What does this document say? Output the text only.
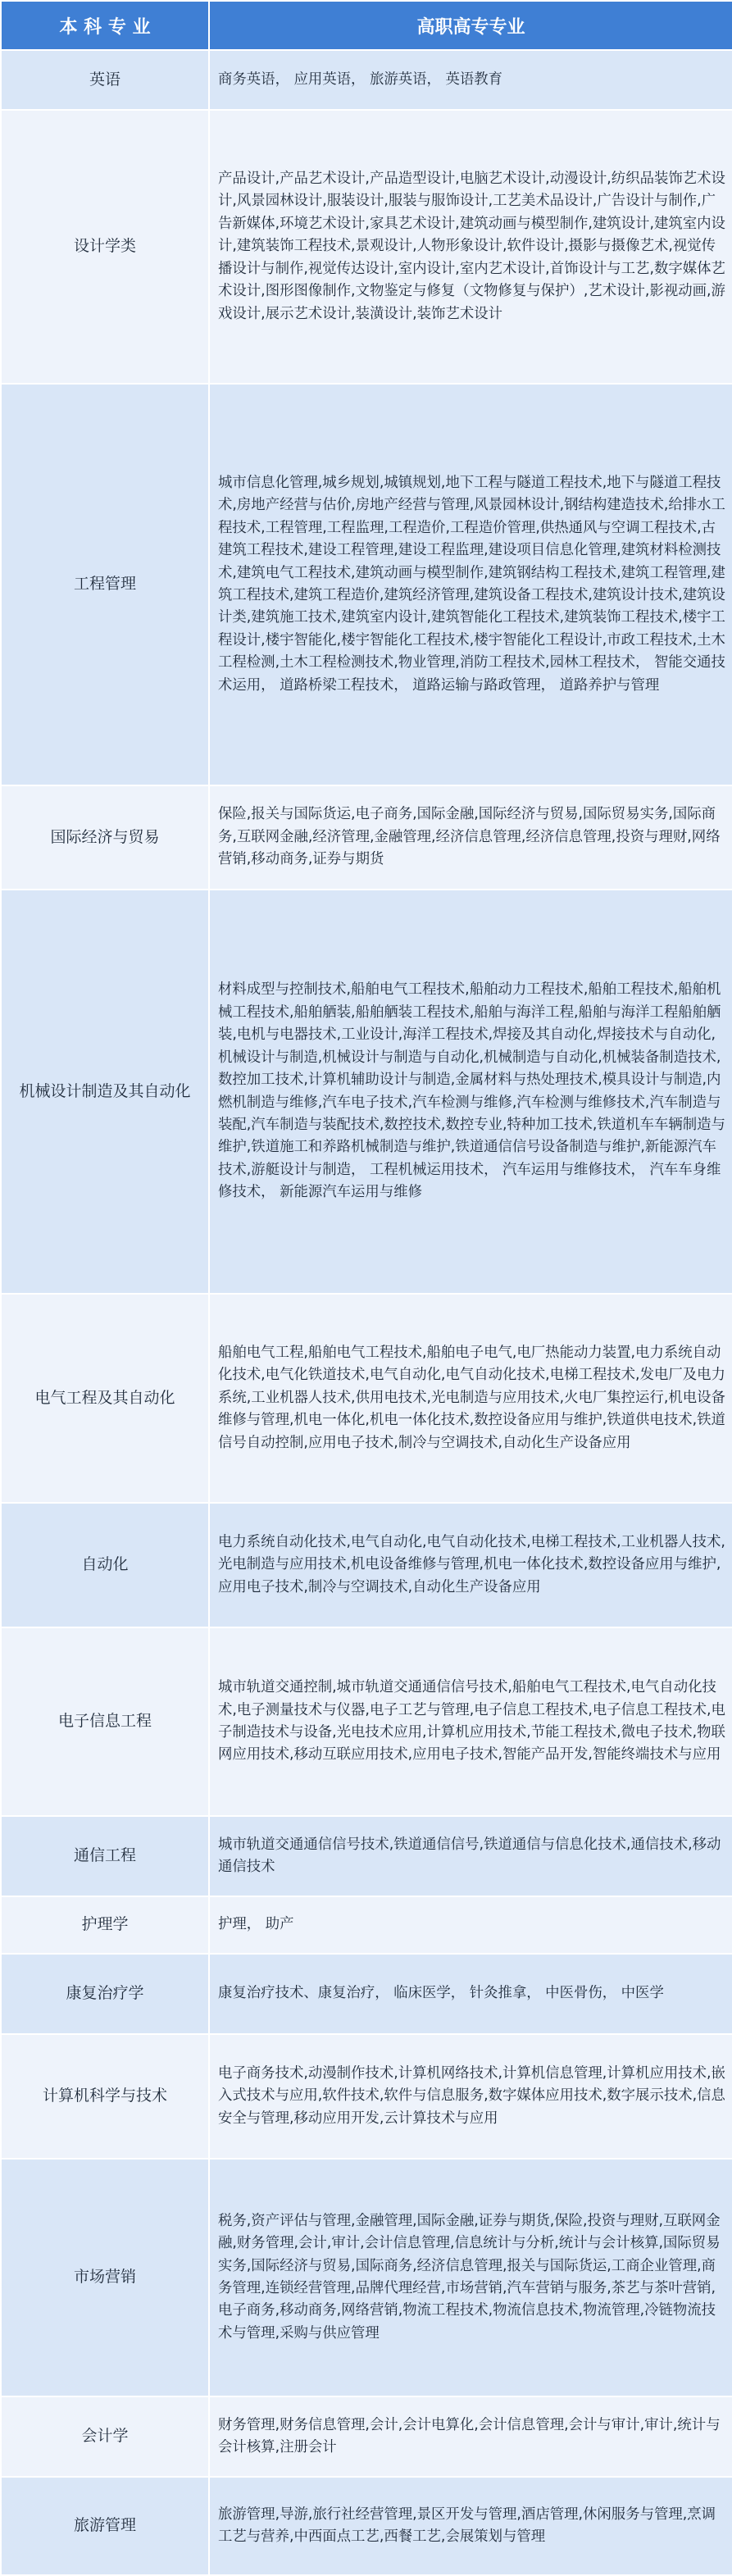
本 科 专 业	高职高专专业
英语	商务英语， 应用英语， 旅游英语， 英语教育
设计学类	产品设计,产品艺术设计,产品造型设计,电脑艺术设计,动漫设计,纺织品装饰艺术设计,风景园林设计,服装设计,服装与服饰设计,工艺美术品设计,广告设计与制作,广告新媒体,环境艺术设计,家具艺术设计,建筑动画与模型制作,建筑设计,建筑室内设计,建筑装饰工程技术,景观设计,人物形象设计,软件设计,摄影与摄像艺术,视觉传播设计与制作,视觉传达设计,室内设计,室内艺术设计,首饰设计与工艺,数字媒体艺术设计,图形图像制作,文物鉴定与修复（文物修复与保护）,艺术设计,影视动画,游戏设计,展示艺术设计,装潢设计,装饰艺术设计
工程管理	城市信息化管理,城乡规划,城镇规划,地下工程与隧道工程技术,地下与隧道工程技术,房地产经营与估价,房地产经营与管理,风景园林设计,钢结构建造技术,给排水工程技术,工程管理,工程监理,工程造价,工程造价管理,供热通风与空调工程技术,古建筑工程技术,建设工程管理,建设工程监理,建设项目信息化管理,建筑材料检测技术,建筑电气工程技术,建筑动画与模型制作,建筑钢结构工程技术,建筑工程管理,建筑工程技术,建筑工程造价,建筑经济管理,建筑设备工程技术,建筑设计技术,建筑设计类,建筑施工技术,建筑室内设计,建筑智能化工程技术,建筑装饰工程技术,楼宇工程设计,楼宇智能化,楼宇智能化工程技术,楼宇智能化工程设计,市政工程技术,土木工程检测,土木工程检测技术,物业管理,消防工程技术,园林工程技术， 智能交通技术运用， 道路桥梁工程技术， 道路运输与路政管理， 道路养护与管理
国际经济与贸易	保险,报关与国际货运,电子商务,国际金融,国际经济与贸易,国际贸易实务,国际商务,互联网金融,经济管理,金融管理,经济信息管理,经济信息管理,投资与理财,网络营销,移动商务,证券与期货
机械设计制造及其自动化	材料成型与控制技术,船舶电气工程技术,船舶动力工程技术,船舶工程技术,船舶机械工程技术,船舶舾装,船舶舾装工程技术,船舶与海洋工程,船舶与海洋工程船舶舾装,电机与电器技术,工业设计,海洋工程技术,焊接及其自动化,焊接技术与自动化,机械设计与制造,机械设计与制造与自动化,机械制造与自动化,机械装备制造技术,数控加工技术,计算机辅助设计与制造,金属材料与热处理技术,模具设计与制造,内燃机制造与维修,汽车电子技术,汽车检测与维修,汽车检测与维修技术,汽车制造与装配,汽车制造与装配技术,数控技术,数控专业,特种加工技术,铁道机车车辆制造与维护,铁道施工和养路机械制造与维护,铁道通信信号设备制造与维护,新能源汽车技术,游艇设计与制造， 工程机械运用技术， 汽车运用与维修技术， 汽车车身维修技术， 新能源汽车运用与维修
电气工程及其自动化	船舶电气工程,船舶电气工程技术,船舶电子电气,电厂热能动力装置,电力系统自动化技术,电气化铁道技术,电气自动化,电气自动化技术,电梯工程技术,发电厂及电力系统,工业机器人技术,供用电技术,光电制造与应用技术,火电厂集控运行,机电设备维修与管理,机电一体化,机电一体化技术,数控设备应用与维护,铁道供电技术,铁道信号自动控制,应用电子技术,制冷与空调技术,自动化生产设备应用
自动化	电力系统自动化技术,电气自动化,电气自动化技术,电梯工程技术,工业机器人技术,光电制造与应用技术,机电设备维修与管理,机电一体化技术,数控设备应用与维护,应用电子技术,制冷与空调技术,自动化生产设备应用
电子信息工程	城市轨道交通控制,城市轨道交通通信信号技术,船舶电气工程技术,电气自动化技术,电子测量技术与仪器,电子工艺与管理,电子信息工程技术,电子信息工程技术,电子制造技术与设备,光电技术应用,计算机应用技术,节能工程技术,微电子技术,物联网应用技术,移动互联应用技术,应用电子技术,智能产品开发,智能终端技术与应用
通信工程	城市轨道交通通信信号技术,铁道通信信号,铁道通信与信息化技术,通信技术,移动通信技术
护理学	护理， 助产
康复治疗学	康复治疗技术、康复治疗， 临床医学， 针灸推拿， 中医骨伤， 中医学
计算机科学与技术	电子商务技术,动漫制作技术,计算机网络技术,计算机信息管理,计算机应用技术,嵌入式技术与应用,软件技术,软件与信息服务,数字媒体应用技术,数字展示技术,信息安全与管理,移动应用开发,云计算技术与应用
市场营销	税务,资产评估与管理,金融管理,国际金融,证券与期货,保险,投资与理财,互联网金融,财务管理,会计,审计,会计信息管理,信息统计与分析,统计与会计核算,国际贸易实务,国际经济与贸易,国际商务,经济信息管理,报关与国际货运,工商企业管理,商务管理,连锁经营管理,品牌代理经营,市场营销,汽车营销与服务,茶艺与茶叶营销,电子商务,移动商务,网络营销,物流工程技术,物流信息技术,物流管理,冷链物流技术与管理,采购与供应管理
会计学	财务管理,财务信息管理,会计,会计电算化,会计信息管理,会计与审计,审计,统计与会计核算,注册会计
旅游管理	旅游管理,导游,旅行社经营管理,景区开发与管理,酒店管理,休闲服务与管理,烹调工艺与营养,中西面点工艺,西餐工艺,会展策划与管理
